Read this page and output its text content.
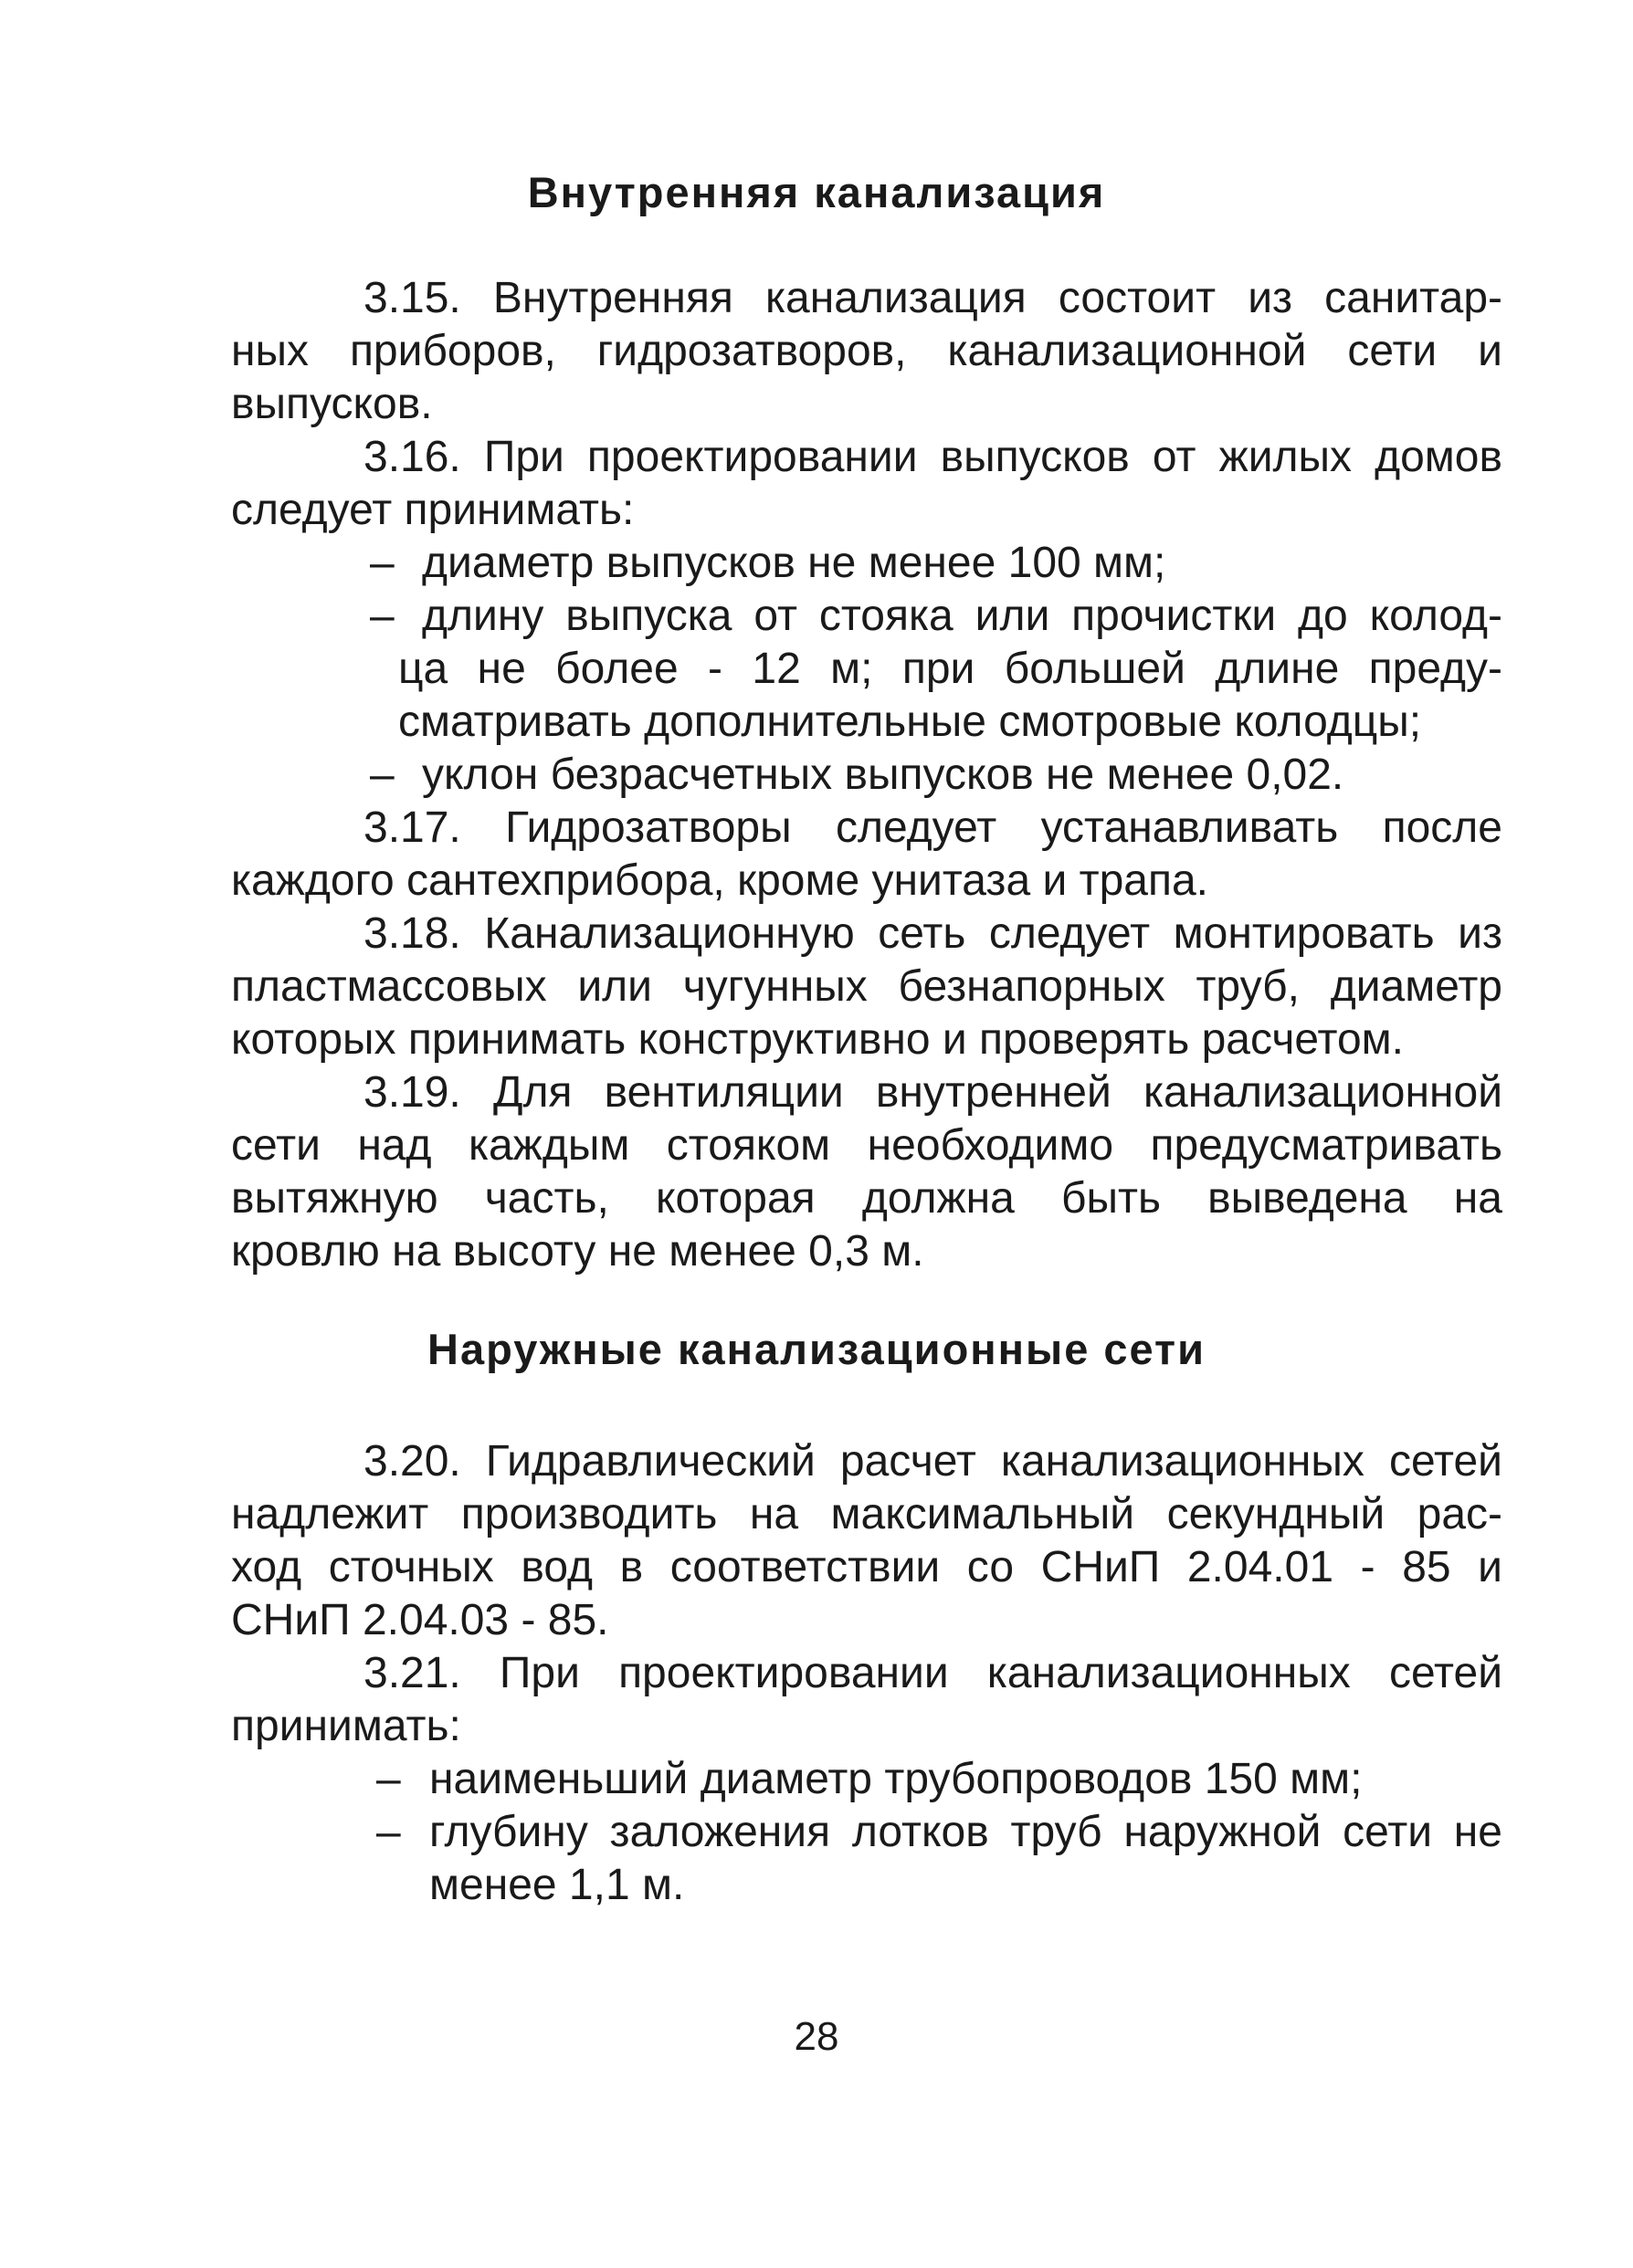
Внутренняя канализация
3.15. Внутренняя канализация состоит из санитар-
ных приборов, гидрозатворов, канализационной сети и
выпусков.
3.16. При проектировании выпусков от жилых домов
следует принимать:
– диаметр выпусков не менее 100 мм;
– длину выпуска от стояка или прочистки до колод-
ца не более - 12 м; при большей длине преду-
сматривать дополнительные смотровые колодцы;
– уклон безрасчетных выпусков не менее 0,02.
3.17. Гидрозатворы следует устанавливать после
каждого сантехприбора, кроме унитаза и трапа.
3.18. Канализационную сеть следует монтировать из
пластмассовых или чугунных безнапорных труб, диаметр
которых принимать конструктивно и проверять расчетом.
3.19. Для вентиляции внутренней канализационной
сети над каждым стояком необходимо предусматривать
вытяжную часть, которая должна быть выведена на
кровлю на высоту не менее 0,3 м.
Наружные канализационные сети
3.20. Гидравлический расчет канализационных сетей
надлежит производить на максимальный секундный рас-
ход сточных вод в соответствии со СНиП 2.04.01 - 85 и
СНиП 2.04.03 - 85.
3.21. При проектировании канализационных сетей
принимать:
– наименьший диаметр трубопроводов 150 мм;
– глубину заложения лотков труб наружной сети не
менее 1,1 м.
28
